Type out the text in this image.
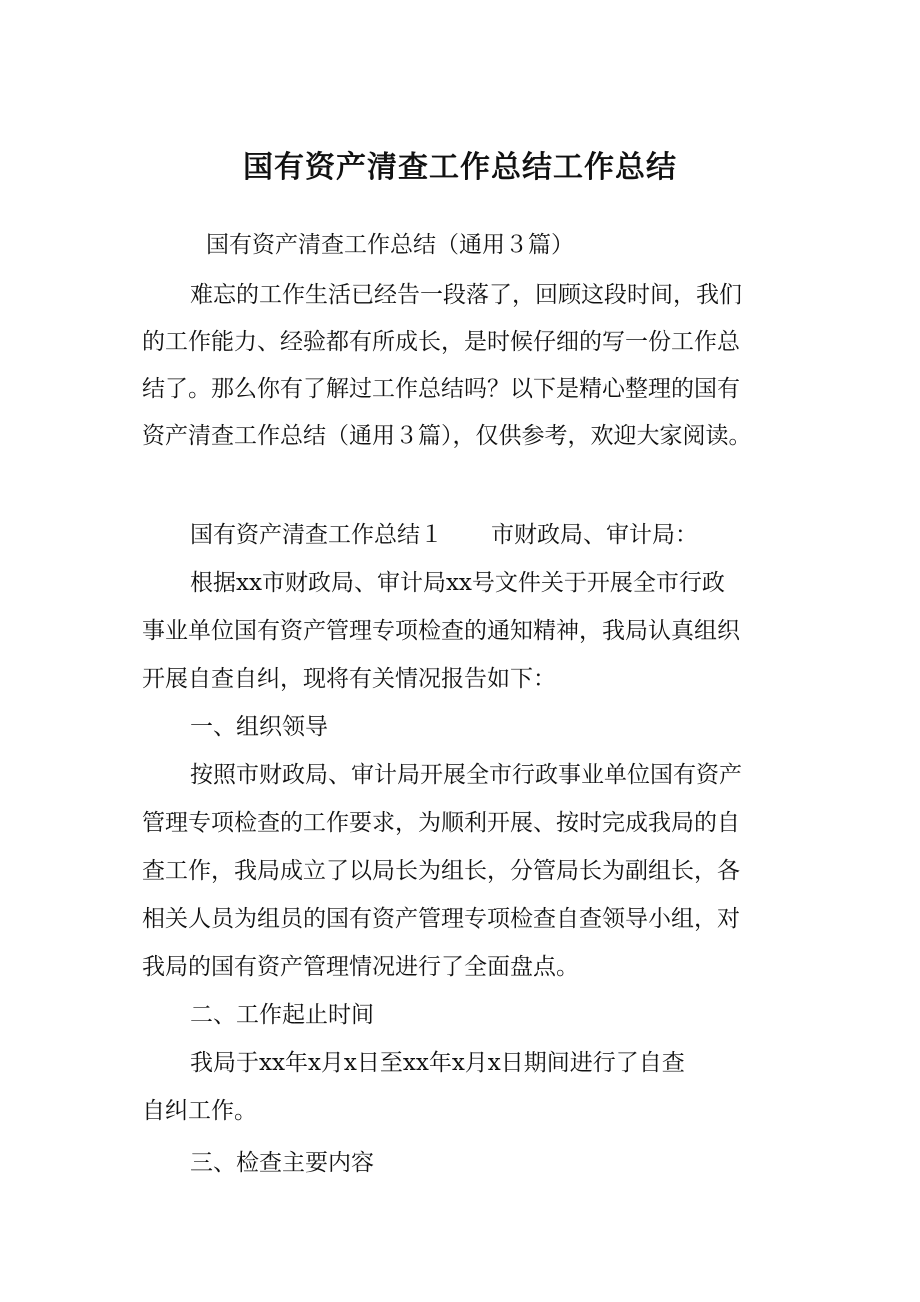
国有资产清查工作总结工作总结

国有资产清查工作总结（通用３篇）

难忘的工作生活已经告一段落了，回顾这段时间，我们

的工作能力、经验都有所成长，是时候仔细的写一份工作总

结了。那么你有了解过工作总结吗？以下是精心整理的国有

资产清查工作总结（通用３篇），仅供参考，欢迎大家阅读。

国有资产清查工作总结１ 市财政局、审计局：

根据xx市财政局、审计局xx号文件关于开展全市行政

事业单位国有资产管理专项检查的通知精神，我局认真组织

开展自查自纠，现将有关情况报告如下：

一、组织领导

按照市财政局、审计局开展全市行政事业单位国有资产

管理专项检查的工作要求，为顺利开展、按时完成我局的自

查工作，我局成立了以局长为组长，分管局长为副组长，各

相关人员为组员的国有资产管理专项检查自查领导小组，对

我局的国有资产管理情况进行了全面盘点。

二、工作起止时间

我局于xx年x月x日至xx年x月x日期间进行了自查

自纠工作。

三、检查主要内容
